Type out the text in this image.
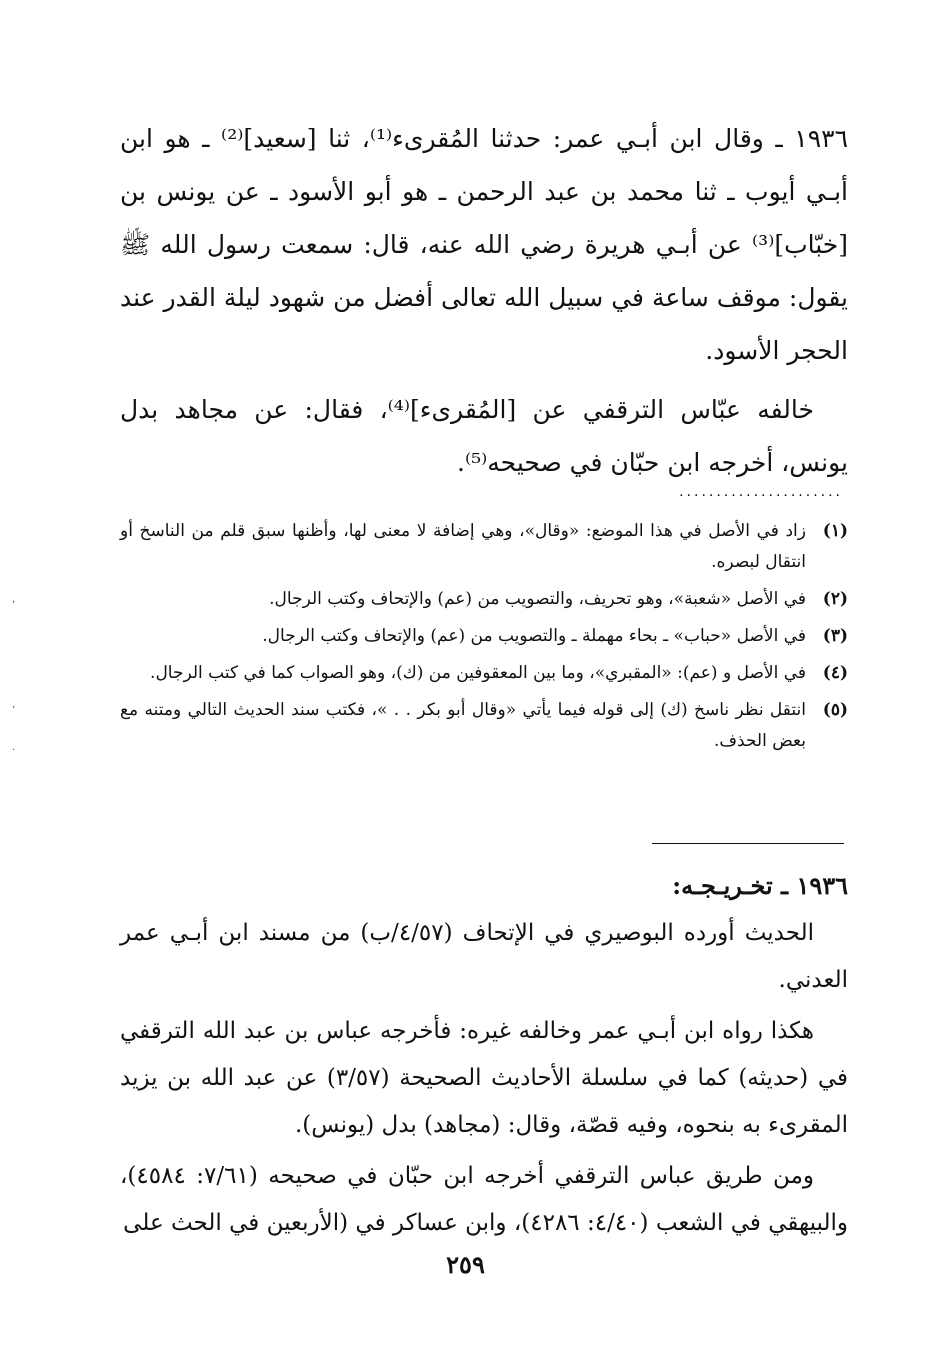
١٩٣٦ ـ وقال ابن أبـي عمر: حدثنا المُقرىء⁽¹⁾، ثنا [سعيد]⁽²⁾ ـ هو ابن أبـي أيوب ـ ثنا محمد بن عبد الرحمن ـ هو أبو الأسود ـ عن يونس بن [خبّاب]⁽³⁾ عن أبـي هريرة رضي الله عنه، قال: سمعت رسول الله ﷺ يقول: موقف ساعة في سبيل الله تعالى أفضل من شهود ليلة القدر عند الحجر الأسود.

خالفه عبّاس الترقفي عن [المُقرىء]⁽⁴⁾، فقال: عن مجاهد بدل يونس، أخرجه ابن حبّان في صحيحه⁽⁵⁾.

......................
(١)
زاد في الأصل في هذا الموضع: «وقال»، وهي إضافة لا معنى لها، وأظنها سبق قلم من الناسخ أو انتقال لبصره.
(٢)
في الأصل «شعبة»، وهو تحريف، والتصويب من (عم) والإتحاف وكتب الرجال.
(٣)
في الأصل «حباب» ـ بحاء مهملة ـ والتصويب من (عم) والإتحاف وكتب الرجال.
(٤)
في الأصل و (عم): «المقبري»، وما بين المعقوفين من (ك)، وهو الصواب كما في كتب الرجال.
(٥)
انتقل نظر ناسخ (ك) إلى قوله فيما يأتي «وقال أبو بكر . . »، فكتب سند الحديث التالي ومتنه مع بعض الحذف.
١٩٣٦ ـ تخـريـجـه:

الحديث أورده البوصيري في الإتحاف (٤/٥٧/ب) من مسند ابن أبـي عمر العدني.

هكذا رواه ابن أبـي عمر وخالفه غيره: فأخرجه عباس بن عبد الله الترقفي في (حديثه) كما في سلسلة الأحاديث الصحيحة (٣/٥٧) عن عبد الله بن يزيد المقرىء به بنحوه، وفيه قصّة، وقال: (مجاهد) بدل (يونس).

ومن طريق عباس الترقفي أخرجه ابن حبّان في صحيحه (٧/٦١: ٤٥٨٤)، والبيهقي في الشعب (٤/٤٠: ٤٢٨٦)، وابن عساكر في (الأربعين في الحث على

٢٥٩
٬
،
·
